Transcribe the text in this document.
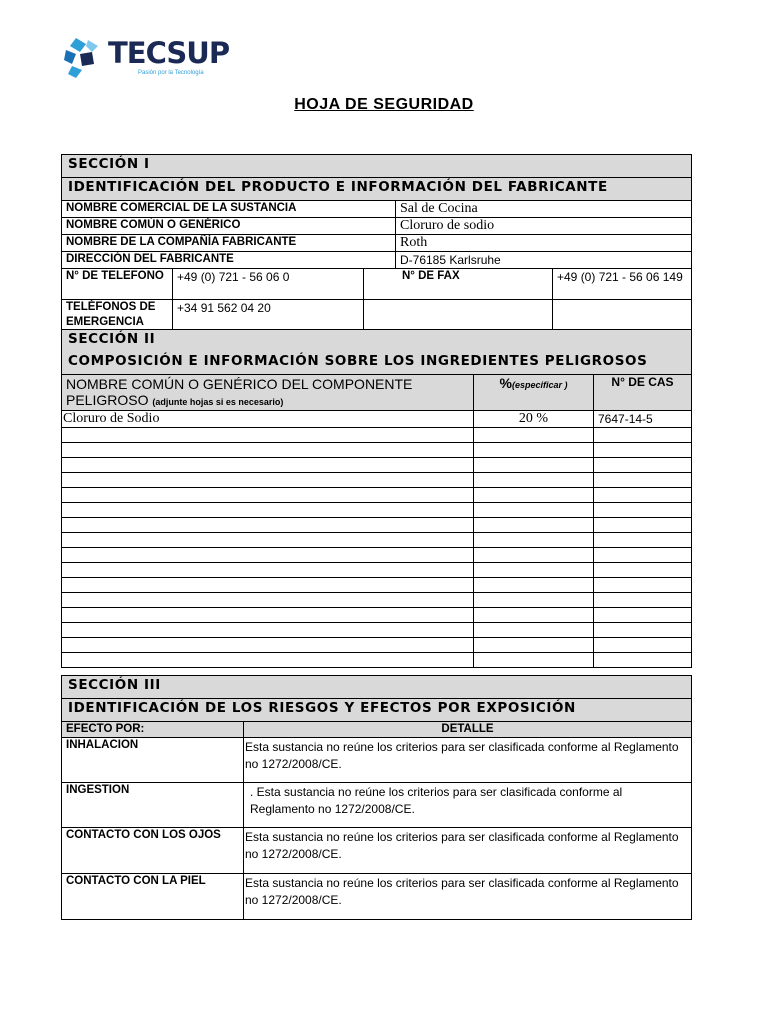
TECSUP
Pasión por la Tecnología
HOJA DE SEGURIDAD
SECCIÓN I				
IDENTIFICACIÓN DEL PRODUCTO E INFORMACIÓN DEL FABRICANTE				
NOMBRE COMERCIAL DE LA SUSTANCIA			Sal de Cocina	
NOMBRE COMÚN O GENÉRICO			Cloruro de sodio	
NOMBRE DE LA COMPAÑÍA FABRICANTE			Roth	
DIRECCIÓN DEL FABRICANTE			D-76185 Karlsruhe	
N° DE TELEFONO	+49 (0) 721 - 56 06 0	N° DE FAX		+49 (0) 721 - 56 06 149
TELÉFONOS DE EMERGENCIA	+34 91 562 04 20			
SECCIÓN II		
COMPOSICIÓN E INFORMACIÓN SOBRE LOS INGREDIENTES PELIGROSOS		
NOMBRE COMÚN O GENÉRICO DEL COMPONENTE PELIGROSO (adjunte hojas si es necesario)	%(especificar )	N° DE CAS
Cloruro de Sodio	20 %	7647-14-5

SECCIÓN III	
IDENTIFICACIÓN DE LOS RIESGOS Y EFECTOS POR EXPOSICIÓN	
EFECTO POR:	DETALLE
INHALACION	Esta sustancia no reúne los criterios para ser clasificada conforme al Reglamento no 1272/2008/CE.
INGESTION	. Esta sustancia no reúne los criterios para ser clasificada conforme al Reglamento no 1272/2008/CE.
CONTACTO CON LOS OJOS	Esta sustancia no reúne los criterios para ser clasificada conforme al Reglamento no 1272/2008/CE.
CONTACTO CON LA PIEL	Esta sustancia no reúne los criterios para ser clasificada conforme al Reglamento no 1272/2008/CE.
